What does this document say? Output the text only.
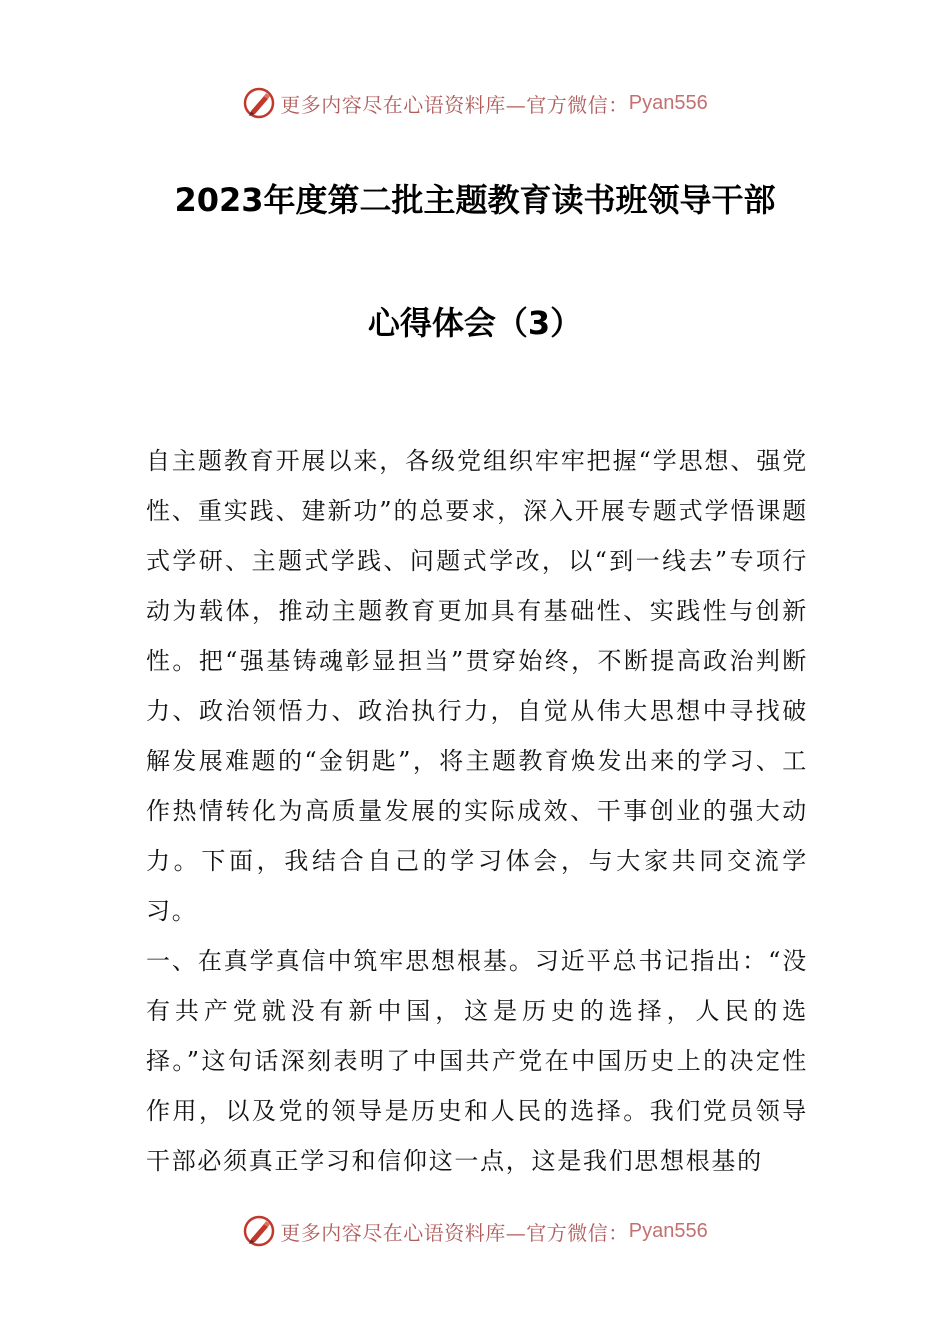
更多内容尽在心语资料库—官方微信： Pyan556
2023年度第二批主题教育读书班领导干部
心得体会（3）

自主题教育开展以来，各级党组织牢牢把握“学思想、强党性、重实践、建新功”的总要求，深入开展专题式学悟课题式学研、主题式学践、问题式学改，以“到一线去”专项行动为载体，推动主题教育更加具有基础性、实践性与创新性。把“强基铸魂彰显担当”贯穿始终，不断提高政治判断力、政治领悟力、政治执行力，自觉从伟大思想中寻找破解发展难题的“金钥匙”，将主题教育焕发出来的学习、工作热情转化为高质量发展的实际成效、干事创业的强大动力。下面，我结合自己的学习体会，与大家共同交流学习。

一、在真学真信中筑牢思想根基。习近平总书记指出：“没有共产党就没有新中国，这是历史的选择，人民的选择。”这句话深刻表明了中国共产党在中国历史上的决定性作用，以及党的领导是历史和人民的选择。我们党员领导干部必须真正学习和信仰这一点，这是我们思想根基的

更多内容尽在心语资料库—官方微信： Pyan556
